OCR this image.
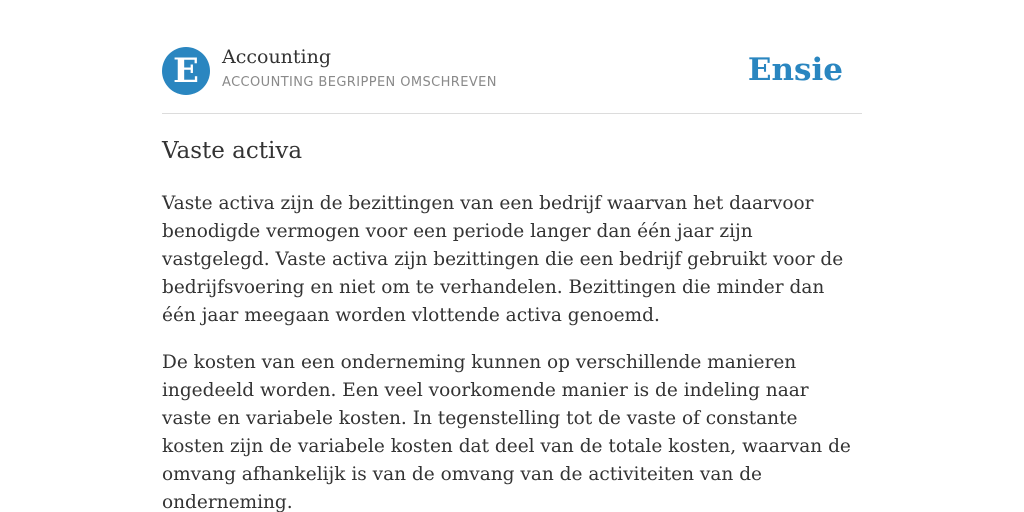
E Accounting
ACCOUNTING BEGRIPPEN OMSCHREVEN	Ensie
Vaste activa

Vaste activa zijn de bezittingen van een bedrijf waarvan het daarvoor benodigde vermogen voor een periode langer dan één jaar zijn vastgelegd. Vaste activa zijn bezittingen die een bedrijf gebruikt voor de bedrijfsvoering en niet om te verhandelen. Bezittingen die minder dan één jaar meegaan worden vlottende activa genoemd.

De kosten van een onderneming kunnen op verschillende manieren ingedeeld worden. Een veel voorkomende manier is de indeling naar vaste en variabele kosten. In tegenstelling tot de vaste of constante kosten zijn de variabele kosten dat deel van de totale kosten, waarvan de omvang afhankelijk is van de omvang van de activiteiten van de onderneming.
